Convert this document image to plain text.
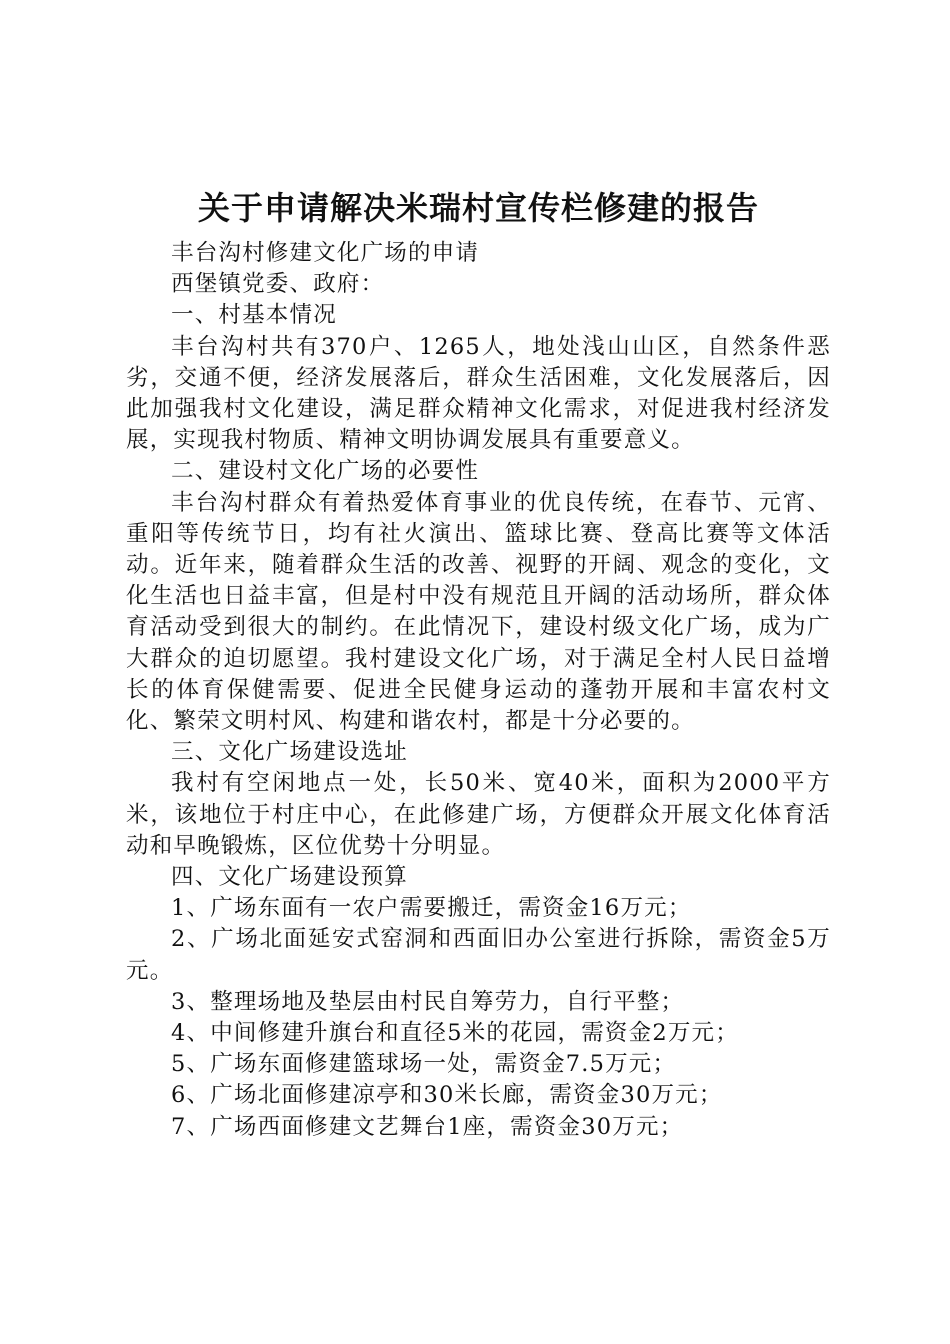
关于申请解决米瑞村宣传栏修建的报告

丰台沟村修建文化广场的申请

西堡镇党委、政府：

一、村基本情况

丰台沟村共有370户、1265人，地处浅山山区，自然条件恶劣，交通不便，经济发展落后，群众生活困难，文化发展落后，因此加强我村文化建设，满足群众精神文化需求，对促进我村经济发展，实现我村物质、精神文明协调发展具有重要意义。

二、建设村文化广场的必要性

丰台沟村群众有着热爱体育事业的优良传统，在春节、元宵、重阳等传统节日，均有社火演出、篮球比赛、登高比赛等文体活动。近年来，随着群众生活的改善、视野的开阔、观念的变化，文化生活也日益丰富，但是村中没有规范且开阔的活动场所，群众体育活动受到很大的制约。在此情况下，建设村级文化广场，成为广大群众的迫切愿望。我村建设文化广场，对于满足全村人民日益增长的体育保健需要、促进全民健身运动的蓬勃开展和丰富农村文化、繁荣文明村风、构建和谐农村，都是十分必要的。

三、文化广场建设选址

我村有空闲地点一处，长50米、宽40米，面积为2000平方米，该地位于村庄中心，在此修建广场，方便群众开展文化体育活动和早晚锻炼，区位优势十分明显。

四、文化广场建设预算

1、广场东面有一农户需要搬迁，需资金16万元；

2、广场北面延安式窑洞和西面旧办公室进行拆除，需资金5万元。

3、整理场地及垫层由村民自筹劳力，自行平整；

4、中间修建升旗台和直径5米的花园，需资金2万元；

5、广场东面修建篮球场一处，需资金7.5万元；

6、广场北面修建凉亭和30米长廊，需资金30万元；

7、广场西面修建文艺舞台1座，需资金30万元；
